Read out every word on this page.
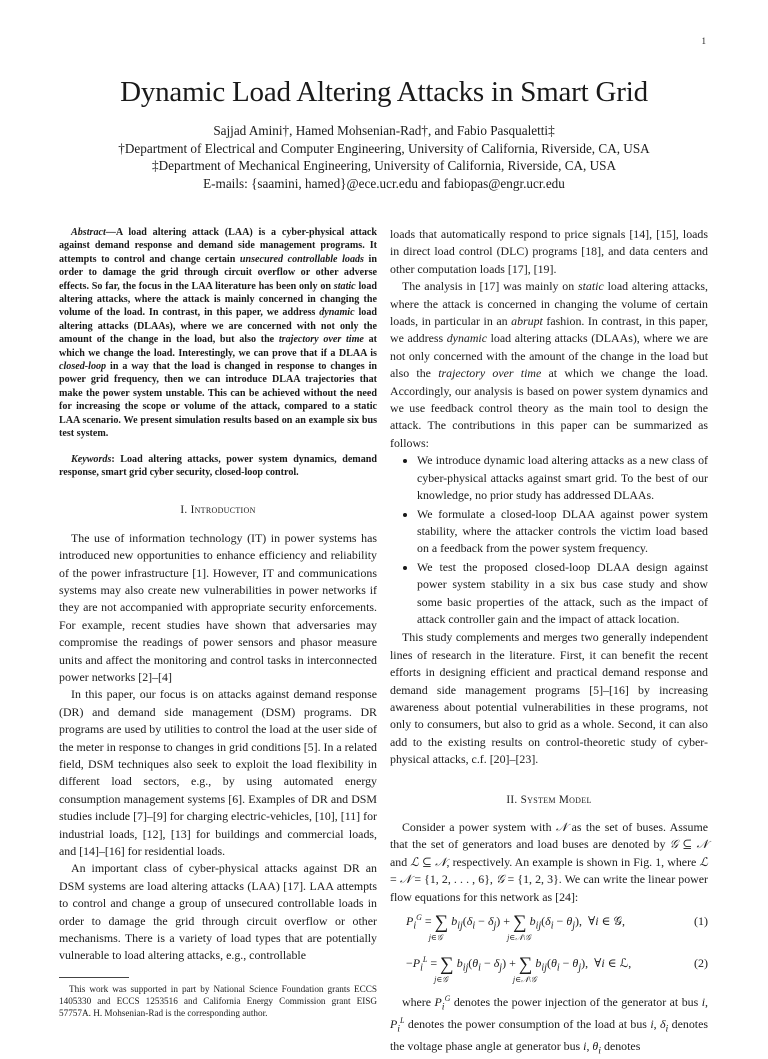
1
Dynamic Load Altering Attacks in Smart Grid
Sajjad Amini†, Hamed Mohsenian-Rad†, and Fabio Pasqualetti‡
†Department of Electrical and Computer Engineering, University of California, Riverside, CA, USA
‡Department of Mechanical Engineering, University of California, Riverside, CA, USA
E-mails: {saamini, hamed}@ece.ucr.edu and fabiopas@engr.ucr.edu

Abstract—A load altering attack (LAA) is a cyber-physical attack against demand response and demand side management programs. It attempts to control and change certain unsecured controllable loads in order to damage the grid through circuit overflow or other adverse effects. So far, the focus in the LAA literature has been only on static load altering attacks, where the attack is mainly concerned in changing the volume of the load. In contrast, in this paper, we address dynamic load altering attacks (DLAAs), where we are concerned with not only the amount of the change in the load, but also the trajectory over time at which we change the load. Interestingly, we can prove that if a DLAA is closed-loop in a way that the load is changed in response to changes in power grid frequency, then we can introduce DLAA trajectories that make the power system unstable. This can be achieved without the need for increasing the scope or volume of the attack, compared to a static LAA scenario. We present simulation results based on an example six bus test system.

Keywords: Load altering attacks, power system dynamics, demand response, smart grid cyber security, closed-loop control.

I. Introduction

The use of information technology (IT) in power systems has introduced new opportunities to enhance efficiency and reliability of the power infrastructure [1]. However, IT and communications systems may also create new vulnerabilities in power networks if they are not accompanied with appropriate security enforcements. For example, recent studies have shown that adversaries may compromise the readings of power sensors and phasor measure units and affect the monitoring and control tasks in interconnected power networks [2]–[4]

In this paper, our focus is on attacks against demand response (DR) and demand side management (DSM) programs. DR programs are used by utilities to control the load at the user side of the meter in response to changes in grid conditions [5]. In a related field, DSM techniques also seek to exploit the load flexibility in different load sectors, e.g., by using automated energy consumption management systems [6]. Examples of DR and DSM studies include [7]–[9] for charging electric-vehicles, [10], [11] for industrial loads, [12], [13] for buildings and commercial loads, and [14]–[16] for residential loads.

An important class of cyber-physical attacks against DR an DSM systems are load altering attacks (LAA) [17]. LAA attempts to control and change a group of unsecured controllable loads in order to damage the grid through circuit overflow or other mechanisms. There is a variety of load types that are potentially vulnerable to load altering attacks, e.g., controllable

This work was supported in part by National Science Foundation grants ECCS 1405330 and ECCS 1253516 and California Energy Commission grant EISG 57757A. H. Mohsenian-Rad is the corresponding author.

loads that automatically respond to price signals [14], [15], loads in direct load control (DLC) programs [18], and data centers and other computation loads [17], [19].

The analysis in [17] was mainly on static load altering attacks, where the attack is concerned in changing the volume of certain loads, in particular in an abrupt fashion. In contrast, in this paper, we address dynamic load altering attacks (DLAAs), where we are not only concerned with the amount of the change in the load but also the trajectory over time at which we change the load. Accordingly, our analysis is based on power system dynamics and we use feedback control theory as the main tool to design the attack. The contributions in this paper can be summarized as follows:

• We introduce dynamic load altering attacks as a new class of cyber-physical attacks against smart grid. To the best of our knowledge, no prior study has addressed DLAAs.
• We formulate a closed-loop DLAA against power system stability, where the attacker controls the victim load based on a feedback from the power system frequency.
• We test the proposed closed-loop DLAA design against power system stability in a six bus case study and show some basic properties of the attack, such as the impact of attack controller gain and the impact of attack location.

This study complements and merges two generally independent lines of research in the literature. First, it can benefit the recent efforts in designing efficient and practical demand response and demand side management programs [5]–[16] by increasing awareness about potential vulnerabilities in these programs, not only to consumers, but also to grid as a whole. Second, it can also add to the existing results on control-theoretic study of cyber-physical attacks, c.f. [20]–[23].

II. System Model

Consider a power system with 𝒩 as the set of buses. Assume that the set of generators and load buses are denoted by 𝒢 ⊆ 𝒩 and ℒ ⊆ 𝒩, respectively. An example is shown in Fig. 1, where ℒ = 𝒩 = {1, 2, . . . , 6}, 𝒢 = {1, 2, 3}. We can write the linear power flow equations for this network as [24]:

$P_i^G$ = ∑
j∈𝒢
$b_{ij}(\delta_i - \delta_j)$ + ∑
j∈𝒩\𝒢
$b_{ij}(\delta_i - \theta_j)$,  ∀i ∈ 𝒢,	(1)
$-P_i^L$ = ∑
j∈𝒢
$b_{ij}(\theta_i - \delta_j)$ + ∑
j∈𝒩\𝒢
$b_{ij}(\theta_i - \theta_j)$,  ∀i ∈ ℒ,	(2)

where $P_i^G$ denotes the power injection of the generator at bus i, $P_i^L$ denotes the power consumption of the load at bus i, $\delta_i$ denotes the voltage phase angle at generator bus i, $\theta_i$ denotes
